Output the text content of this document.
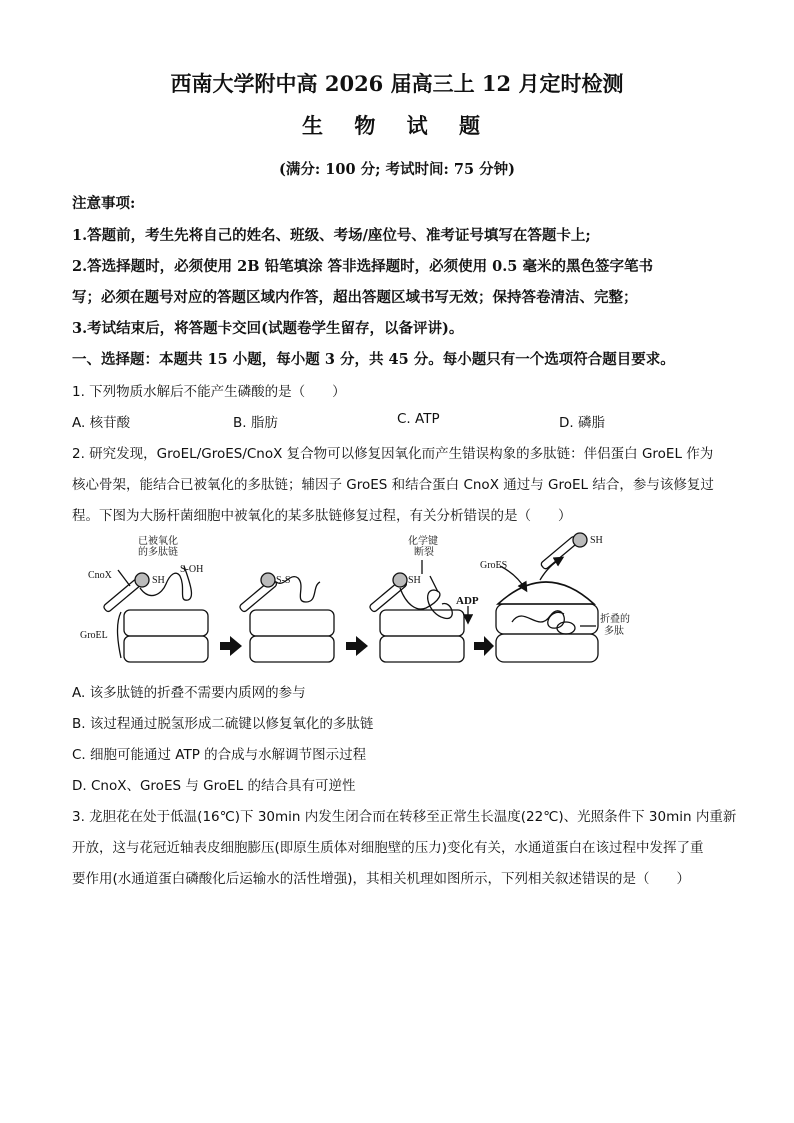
西南大学附中高 2026 届高三上 12 月定时检测
生 物 试 题
(满分: 100 分; 考试时间: 75 分钟)
注意事项:
1.答题前，考生先将自己的姓名、班级、考场/座位号、准考证号填写在答题卡上;
2.答选择题时，必须使用 2B 铅笔填涂 答非选择题时，必须使用 0.5 毫米的黑色签字笔书
写；必须在题号对应的答题区域内作答，超出答题区域书写无效；保持答卷清洁、完整；
3.考试结束后，将答题卡交回(试题卷学生留存，以备评讲)。
一、选择题：本题共 15 小题，每小题 3 分，共 45 分。每小题只有一个选项符合题目要求。
1. 下列物质水解后不能产生磷酸的是（　　）
A. 核苷酸	B. 脂肪	C. ATP	D. 磷脂
2. 研究发现，GroEL/GroES/CnoX 复合物可以修复因氧化而产生错误构象的多肽链：伴侣蛋白 GroEL 作为
核心骨架，能结合已被氧化的多肽链；辅因子 GroES 和结合蛋白 CnoX 通过与 GroEL 结合，参与该修复过
程。下图为大肠杆菌细胞中被氧化的某多肽链修复过程，有关分析错误的是（　　）
已被氧化
的多肽链
S-OH
CnoX	SH	S-S
GroEL
化学键
断裂
SH
ADP
GroES
SH
折叠的
多肽
A. 该多肽链的折叠不需要内质网的参与
B. 该过程通过脱氢形成二硫键以修复氧化的多肽链
C. 细胞可能通过 ATP 的合成与水解调节图示过程
D. CnoX、GroES 与 GroEL 的结合具有可逆性
3. 龙胆花在处于低温(16℃)下 30min 内发生闭合而在转移至正常生长温度(22℃)、光照条件下 30min 内重新
开放，这与花冠近轴表皮细胞膨压(即原生质体对细胞壁的压力)变化有关，水通道蛋白在该过程中发挥了重
要作用(水通道蛋白磷酸化后运输水的活性增强)，其相关机理如图所示，下列相关叙述错误的是（　　）
